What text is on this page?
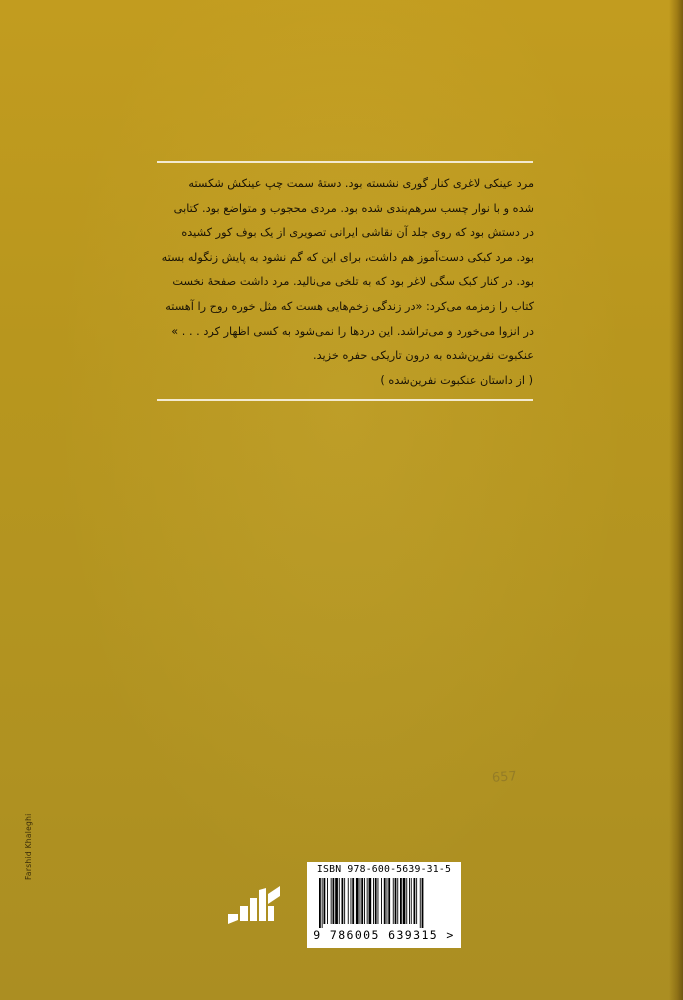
مرد عینکی لاغری کنار گوری نشسته بود. دستهٔ سمت چپ عینکش شکسته

شده و با نوار چسب سرهم‌بندی شده بود. مردی محجوب و متواضع بود. کتابی

در دستش بود که روی جلد آن نقاشی ایرانی تصویری از یک بوف کور کشیده

بود. مرد کبکی دست‌آموز هم داشت، برای این که گم نشود به پایش زنگوله بسته

بود. در کنار کبک سگی لاغر بود که به تلخی می‌نالید. مرد داشت صفحهٔ نخست

کتاب را زمزمه می‌کرد: «در زندگی زخم‌هایی هست که مثل خوره روح را آهسته

در انزوا می‌خورد و می‌تراشد. این دردها را نمی‌شود به کسی اظهار کرد . . . »

عنکبوت نفرین‌شده به درون تاریکی حفره خزید.

( از داستان عنکبوت نفرین‌شده )
657
Farshid Khaleghi	ISBN 978-600-5639-31-5
9 786005 639315 >
